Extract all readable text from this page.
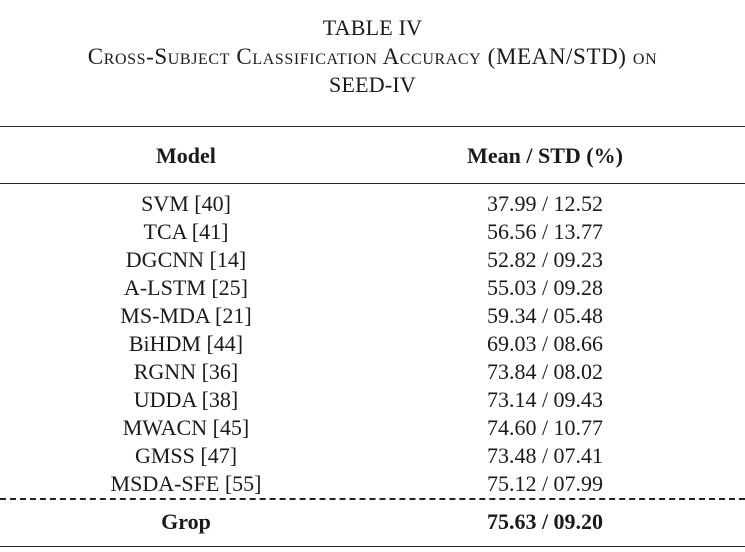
TABLE IV
Cross-Subject Classification Accuracy (MEAN/STD) on
SEED-IV
Model	Mean / STD (%)
SVM [40]	37.99 / 12.52
TCA [41]	56.56 / 13.77
DGCNN [14]	52.82 / 09.23
A-LSTM [25]	55.03 / 09.28
MS-MDA [21]	59.34 / 05.48
BiHDM [44]	69.03 / 08.66
RGNN [36]	73.84 / 08.02
UDDA [38]	73.14 / 09.43
MWACN [45]	74.60 / 10.77
GMSS [47]	73.48 / 07.41
MSDA-SFE [55]	75.12 / 07.99
Grop	75.63 / 09.20
